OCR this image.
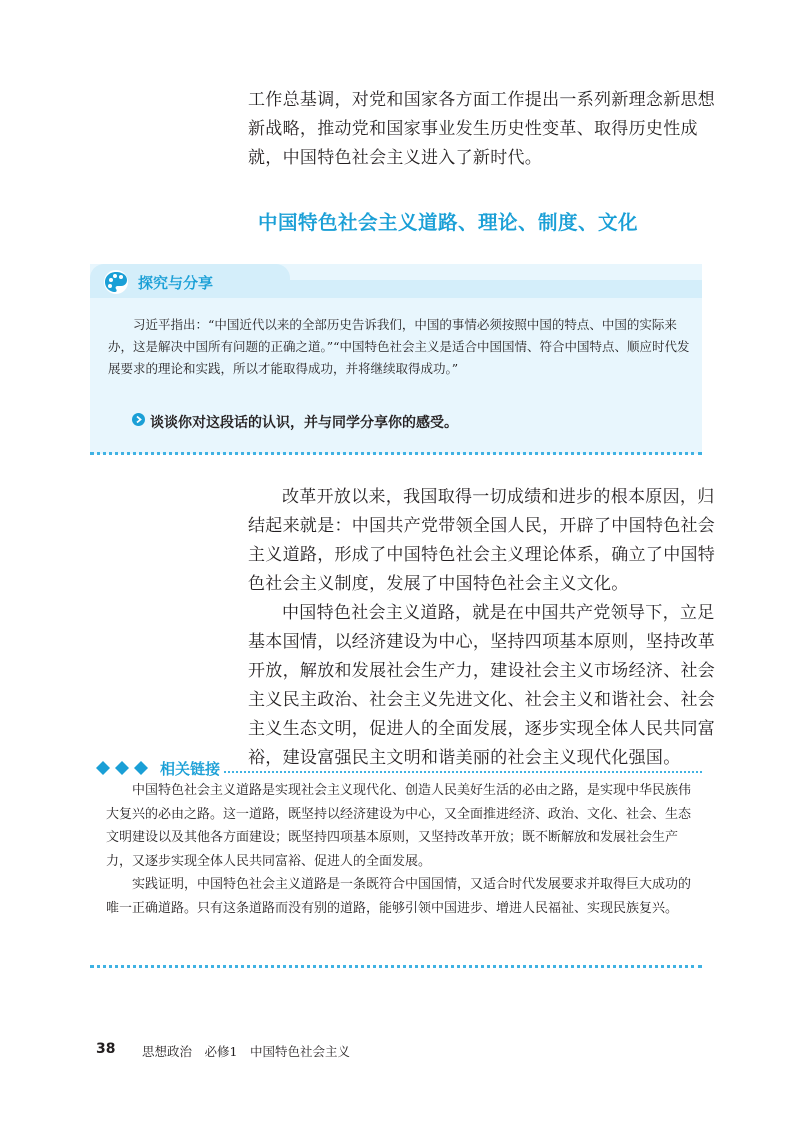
工作总基调，对党和国家各方面工作提出一系列新理念新思想新战略，推动党和国家事业发生历史性变革、取得历史性成就，中国特色社会主义进入了新时代。

中国特色社会主义道路、理论、制度、文化
探究与分享

习近平指出：“中国近代以来的全部历史告诉我们，中国的事情必须按照中国的特点、中国的实际来办，这是解决中国所有问题的正确之道。”“中国特色社会主义是适合中国国情、符合中国特点、顺应时代发展要求的理论和实践，所以才能取得成功，并将继续取得成功。”

谈谈你对这段话的认识，并与同学分享你的感受。

改革开放以来，我国取得一切成绩和进步的根本原因，归结起来就是：中国共产党带领全国人民，开辟了中国特色社会主义道路，形成了中国特色社会主义理论体系，确立了中国特色社会主义制度，发展了中国特色社会主义文化。

中国特色社会主义道路，就是在中国共产党领导下，立足基本国情，以经济建设为中心，坚持四项基本原则，坚持改革开放，解放和发展社会生产力，建设社会主义市场经济、社会主义民主政治、社会主义先进文化、社会主义和谐社会、社会主义生态文明，促进人的全面发展，逐步实现全体人民共同富裕，建设富强民主文明和谐美丽的社会主义现代化强国。

相关链接

中国特色社会主义道路是实现社会主义现代化、创造人民美好生活的必由之路，是实现中华民族伟大复兴的必由之路。这一道路，既坚持以经济建设为中心，又全面推进经济、政治、文化、社会、生态文明建设以及其他各方面建设；既坚持四项基本原则，又坚持改革开放；既不断解放和发展社会生产力，又逐步实现全体人民共同富裕、促进人的全面发展。

实践证明，中国特色社会主义道路是一条既符合中国国情，又适合时代发展要求并取得巨大成功的唯一正确道路。只有这条道路而没有别的道路，能够引领中国进步、增进人民福祉、实现民族复兴。

38 思想政治　必修1　中国特色社会主义
